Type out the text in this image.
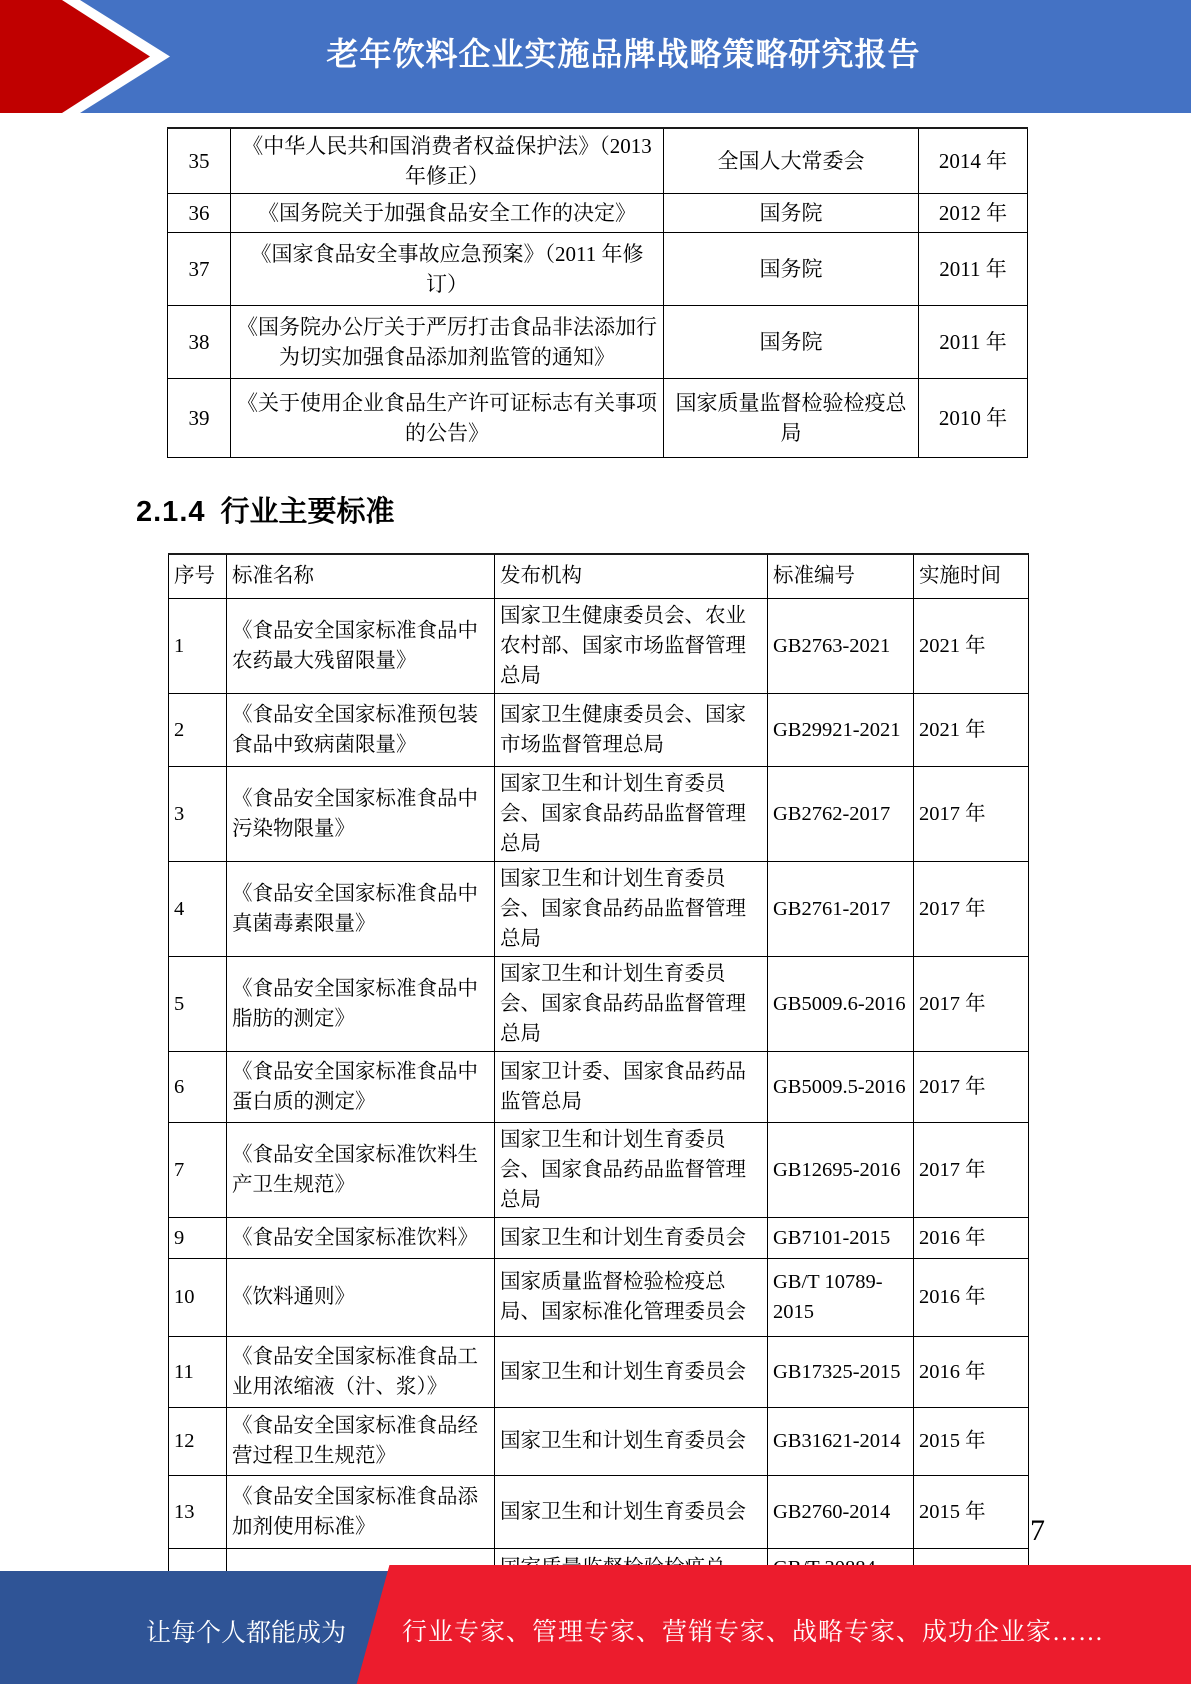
老年饮料企业实施品牌战略策略研究报告
35	《中华人民共和国消费者权益保护法》（2013 年修正）	全国人大常委会	2014 年
36	《国务院关于加强食品安全工作的决定》	国务院	2012 年
37	《国家食品安全事故应急预案》（2011 年修订）	国务院	2011 年
38	《国务院办公厅关于严厉打击食品非法添加行为切实加强食品添加剂监管的通知》	国务院	2011 年
39	《关于使用企业食品生产许可证标志有关事项的公告》	国家质量监督检验检疫总局	2010 年
2.1.4 行业主要标准
序号	标准名称	发布机构	标准编号	实施时间
1	《食品安全国家标准食品中农药最大残留限量》	国家卫生健康委员会、农业农村部、国家市场监督管理总局	GB2763-2021	2021 年
2	《食品安全国家标准预包装食品中致病菌限量》	国家卫生健康委员会、国家市场监督管理总局	GB29921-2021	2021 年
3	《食品安全国家标准食品中污染物限量》	国家卫生和计划生育委员会、国家食品药品监督管理总局	GB2762-2017	2017 年
4	《食品安全国家标准食品中真菌毒素限量》	国家卫生和计划生育委员会、国家食品药品监督管理总局	GB2761-2017	2017 年
5	《食品安全国家标准食品中脂肪的测定》	国家卫生和计划生育委员会、国家食品药品监督管理总局	GB5009.6-2016	2017 年
6	《食品安全国家标准食品中蛋白质的测定》	国家卫计委、国家食品药品监管总局	GB5009.5-2016	2017 年
7	《食品安全国家标准饮料生产卫生规范》	国家卫生和计划生育委员会、国家食品药品监督管理总局	GB12695-2016	2017 年
9	《食品安全国家标准饮料》	国家卫生和计划生育委员会	GB7101-2015	2016 年
10	《饮料通则》	国家质量监督检验检疫总局、国家标准化管理委员会	GB/T 10789-2015	2016 年
11	《食品安全国家标准食品工业用浓缩液（汁、浆）》	国家卫生和计划生育委员会	GB17325-2015	2016 年
12	《食品安全国家标准食品经营过程卫生规范》	国家卫生和计划生育委员会	GB31621-2014	2015 年
13	《食品安全国家标准食品添加剂使用标准》	国家卫生和计划生育委员会	GB2760-2014	2015 年

7
让每个人都能成为 行业专家、管理专家、营销专家、战略专家、成功企业家……
